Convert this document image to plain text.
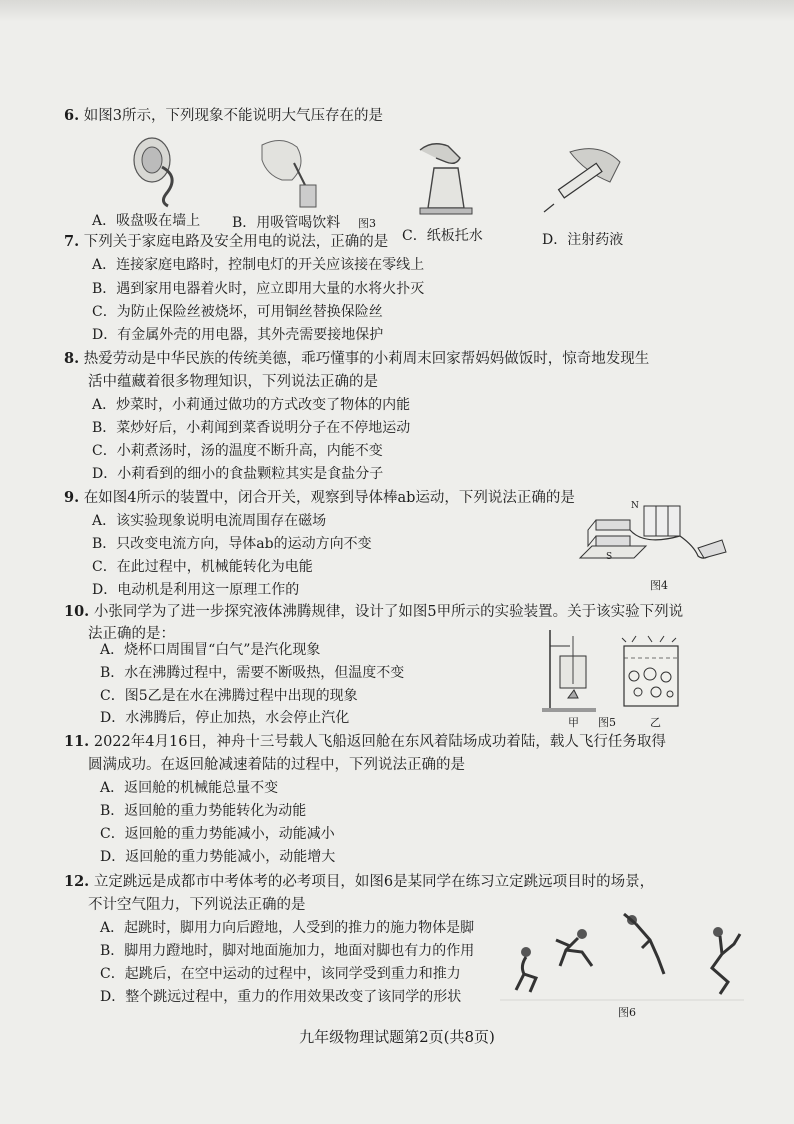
6. 如图3所示，下列现象不能说明大气压存在的是
A．吸盘吸在墙上 B．用吸管喝饮料 图3
C．纸板托水	D．注射药液
7. 下列关于家庭电路及安全用电的说法，正确的是
A．连接家庭电路时，控制电灯的开关应该接在零线上
B．遇到家用电器着火时，应立即用大量的水将火扑灭
C．为防止保险丝被烧坏，可用铜丝替换保险丝
D．有金属外壳的用电器，其外壳需要接地保护
8. 热爱劳动是中华民族的传统美德，乖巧懂事的小莉周末回家帮妈妈做饭时，惊奇地发现生
活中蕴藏着很多物理知识，下列说法正确的是
A．炒菜时，小莉通过做功的方式改变了物体的内能
B．菜炒好后，小莉闻到菜香说明分子在不停地运动
C．小莉煮汤时，汤的温度不断升高，内能不变
D．小莉看到的细小的食盐颗粒其实是食盐分子
9. 在如图4所示的装置中，闭合开关，观察到导体棒ab运动，下列说法正确的是
A．该实验现象说明电流周围存在磁场
B．只改变电流方向，导体ab的运动方向不变
C．在此过程中，机械能转化为电能
D．电动机是利用这一原理工作的
N
S
图4
10. 小张同学为了进一步探究液体沸腾规律，设计了如图5甲所示的实验装置。关于该实验下列说
法正确的是：
A．烧杯口周围冒“白气”是汽化现象
B．水在沸腾过程中，需要不断吸热，但温度不变
C．图5乙是在水在沸腾过程中出现的现象
D．水沸腾后，停止加热，水会停止汽化	甲 图5	乙
11. 2022年4月16日，神舟十三号载人飞船返回舱在东风着陆场成功着陆，载人飞行任务取得
圆满成功。在返回舱减速着陆的过程中，下列说法正确的是
A．返回舱的机械能总量不变
B．返回舱的重力势能转化为动能
C．返回舱的重力势能减小，动能减小
D．返回舱的重力势能减小，动能增大
12. 立定跳远是成都市中考体考的必考项目，如图6是某同学在练习立定跳远项目时的场景，
不计空气阻力，下列说法正确的是
A．起跳时，脚用力向后蹬地，人受到的推力的施力物体是脚
B．脚用力蹬地时，脚对地面施加力，地面对脚也有力的作用
C．起跳后，在空中运动的过程中，该同学受到重力和推力
D．整个跳远过程中，重力的作用效果改变了该同学的形状
图6
九年级物理试题第2页(共8页)
